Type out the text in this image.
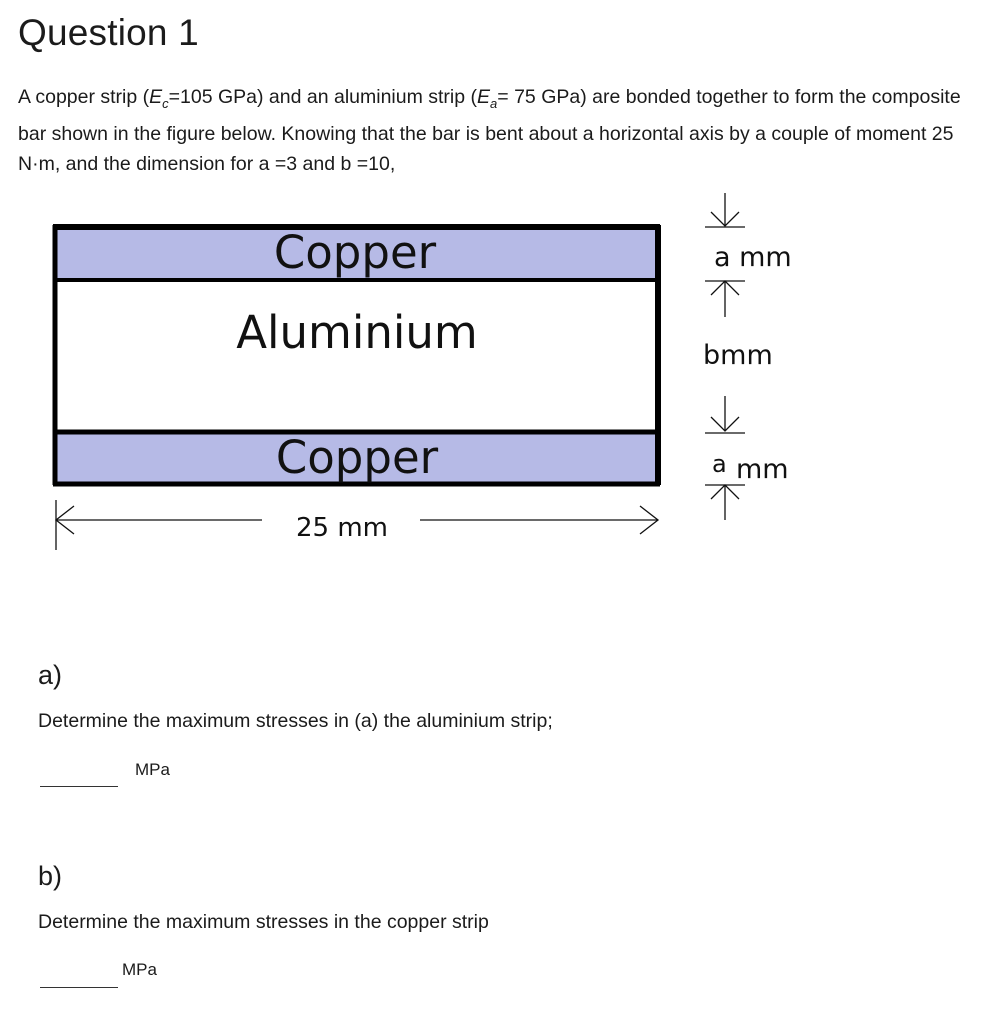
Question 1
A copper strip ($E_c=105$ GPa) and an aluminium strip ($E_a= 75$ GPa) are bonded together to form the composite bar shown in the figure below. Knowing that the bar is bent about a horizontal axis by a couple of moment 25 N·m, and the dimension for a =3 and b =10,
Copper
Aluminium
Copper
25 mm
a mm
bmm
a mm
a)
Determine the maximum stresses in (a) the aluminium strip;
MPa
b)
Determine the maximum stresses in the copper strip
MPa
